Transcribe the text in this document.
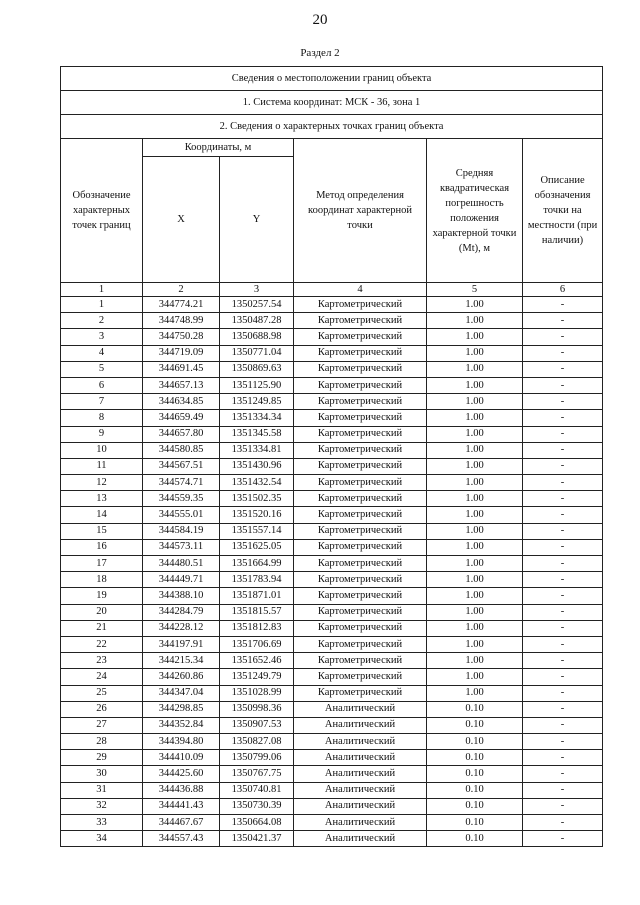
20
Раздел 2
Сведения о местоположении границ объекта					
1. Система координат: МСК - 36, зона 1					
2. Сведения о характерных точках границ объекта					
Обозначение характерных точек границ	Координаты, м		Метод определения координат характерной точки	Средняя квадратическая погрешность положения характерной точки (Мt), м	Описание обозначения точки на местности (при наличии)
	X	Y			
1	2	3	4	5	6
1	344774.21	1350257.54	Картометрический	1.00	-
2	344748.99	1350487.28	Картометрический	1.00	-
3	344750.28	1350688.98	Картометрический	1.00	-
4	344719.09	1350771.04	Картометрический	1.00	-
5	344691.45	1350869.63	Картометрический	1.00	-
6	344657.13	1351125.90	Картометрический	1.00	-
7	344634.85	1351249.85	Картометрический	1.00	-
8	344659.49	1351334.34	Картометрический	1.00	-
9	344657.80	1351345.58	Картометрический	1.00	-
10	344580.85	1351334.81	Картометрический	1.00	-
11	344567.51	1351430.96	Картометрический	1.00	-
12	344574.71	1351432.54	Картометрический	1.00	-
13	344559.35	1351502.35	Картометрический	1.00	-
14	344555.01	1351520.16	Картометрический	1.00	-
15	344584.19	1351557.14	Картометрический	1.00	-
16	344573.11	1351625.05	Картометрический	1.00	-
17	344480.51	1351664.99	Картометрический	1.00	-
18	344449.71	1351783.94	Картометрический	1.00	-
19	344388.10	1351871.01	Картометрический	1.00	-
20	344284.79	1351815.57	Картометрический	1.00	-
21	344228.12	1351812.83	Картометрический	1.00	-
22	344197.91	1351706.69	Картометрический	1.00	-
23	344215.34	1351652.46	Картометрический	1.00	-
24	344260.86	1351249.79	Картометрический	1.00	-
25	344347.04	1351028.99	Картометрический	1.00	-
26	344298.85	1350998.36	Аналитический	0.10	-
27	344352.84	1350907.53	Аналитический	0.10	-
28	344394.80	1350827.08	Аналитический	0.10	-
29	344410.09	1350799.06	Аналитический	0.10	-
30	344425.60	1350767.75	Аналитический	0.10	-
31	344436.88	1350740.81	Аналитический	0.10	-
32	344441.43	1350730.39	Аналитический	0.10	-
33	344467.67	1350664.08	Аналитический	0.10	-
34	344557.43	1350421.37	Аналитический	0.10	-
